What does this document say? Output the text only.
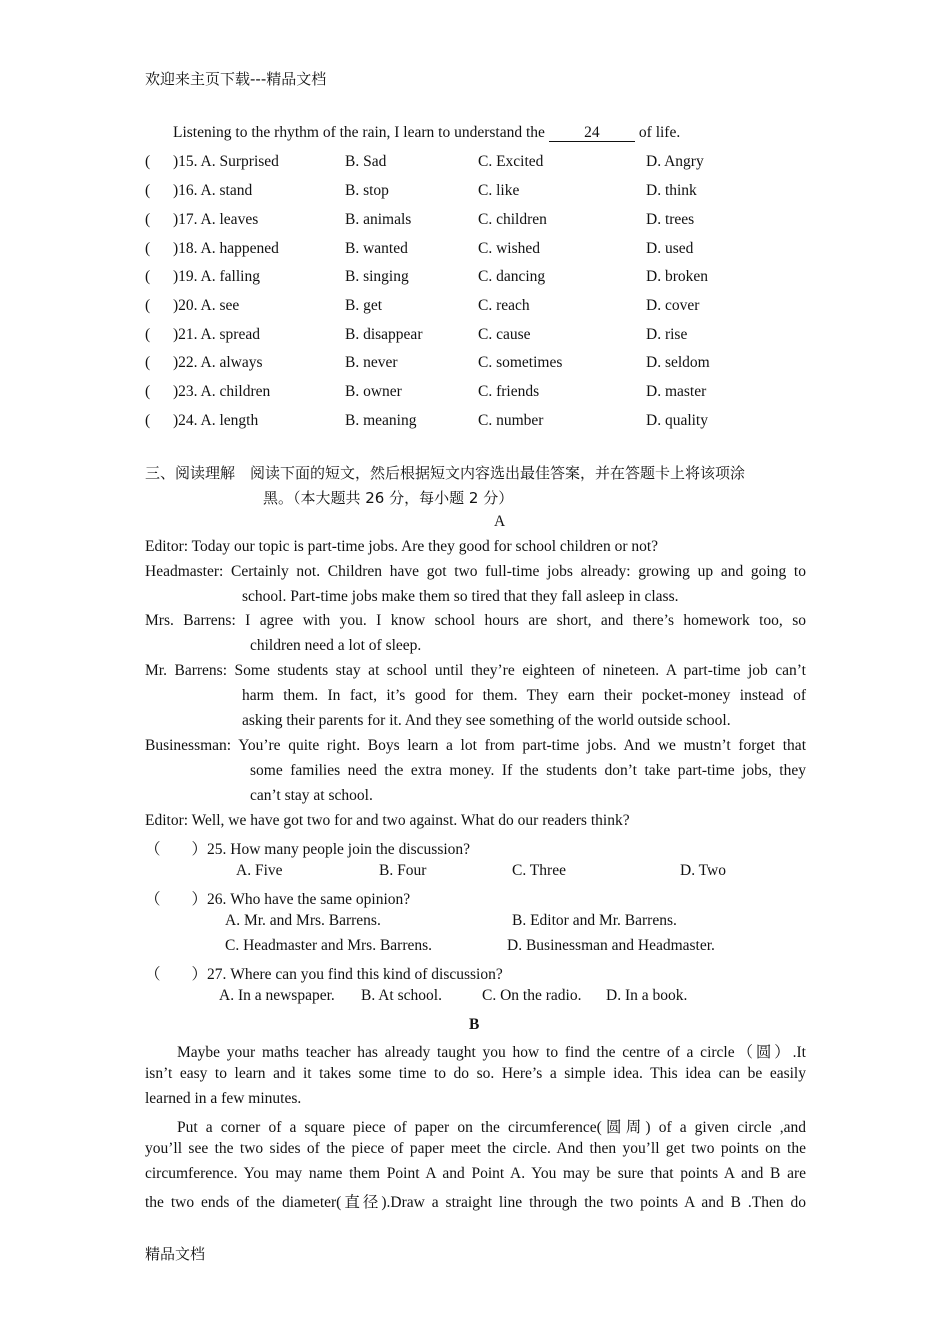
欢迎来主页下载---精品文档
Listening to the rhythm of the rain, I learn to understand the	24	of life.
( )15. A. Surprised	B. Sad	C. Excited	D. Angry
( )16. A. stand	B. stop	C. like	D. think
( )17. A. leaves	B. animals	C. children	D. trees
( )18. A. happened	B. wanted	C. wished	D. used
( )19. A. falling	B. singing	C. dancing	D. broken
( )20. A. see	B. get	C. reach	D. cover
( )21. A. spread	B. disappear	C. cause	D. rise
( )22. A. always	B. never	C. sometimes	D. seldom
( )23. A. children	B. owner	C. friends	D. master
( )24. A. length	B. meaning	C. number	D. quality
三、阅读理解　阅读下面的短文，然后根据短文内容选出最佳答案，并在答题卡上将该项涂
黑。（本大题共 26 分，每小题 2 分）
A
Editor: Today our topic is part-time jobs. Are they good for school children or not?
Headmaster: Certainly not. Children have got two full-time jobs already: growing up and going to
school. Part-time jobs make them so tired that they fall asleep in class.
Mrs. Barrens: I agree with you. I know school hours are short, and there’s homework too, so
children need a lot of sleep.
Mr. Barrens: Some students stay at school until they’re eighteen of nineteen. A part-time job can’t
harm them. In fact, it’s good for them. They earn their pocket-money instead of
asking their parents for it. And they see something of the world outside school.
Businessman: You’re quite right. Boys learn a lot from part-time jobs. And we mustn’t forget that
some families need the extra money. If the students don’t take part-time jobs, they
can’t stay at school.
Editor: Well, we have got two for and two against. What do our readers think?
（　　）25. How many people join the discussion?
A. Five	B. Four	C. Three	D. Two
（　　）26. Who have the same opinion?
A. Mr. and Mrs. Barrens.	B. Editor and Mr. Barrens.
C. Headmaster and Mrs. Barrens.	D. Businessman and Headmaster.
（　　）27. Where can you find this kind of discussion?
A. In a newspaper. B. At school.	C. On the radio. D. In a book.
B
Maybe your maths teacher has already taught you how to find the centre of a circle（圆）.It
isn’t easy to learn and it takes some time to do so. Here’s a simple idea. This idea can be easily
learned in a few minutes.
Put a corner of a square piece of paper on the circumference(圆周) of a given circle ,and
you’ll see the two sides of the piece of paper meet the circle. And then you’ll get two points on the
circumference. You may name them Point A and Point A. You may be sure that points A and B are
the two ends of the diameter(直径).Draw a straight line through the two points A and B .Then do
精品文档
